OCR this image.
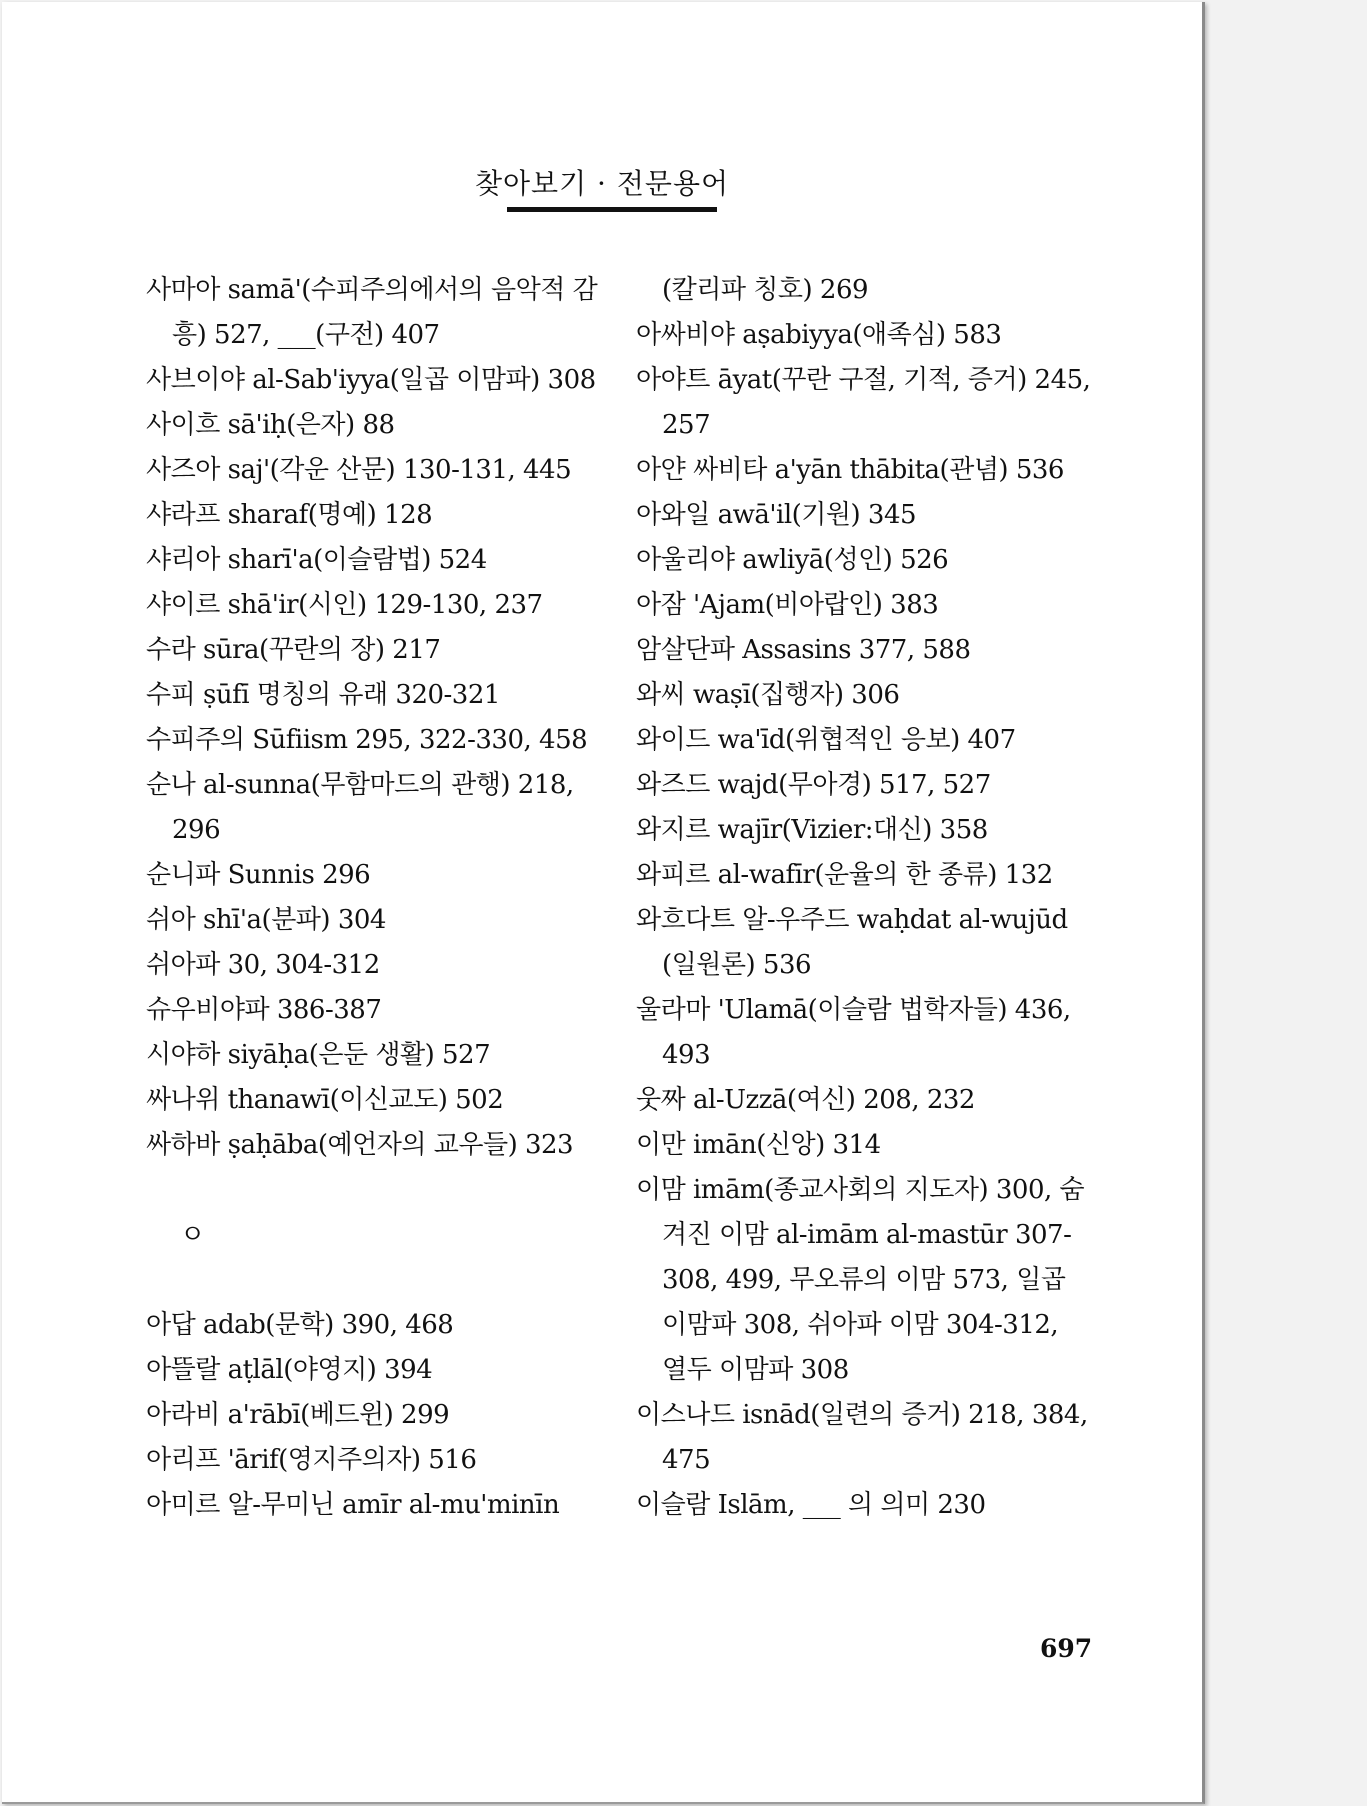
찾아보기 · 전문용어
사마아 samā'(수피주의에서의 음악적 감
흥) 527, ___(구전) 407
사브이야 al-Sab'iyya(일곱 이맘파) 308
사이흐 sā'iḥ(은자) 88
사즈아 saj'(각운 산문) 130-131, 445
샤라프 sharaf(명예) 128
샤리아 sharī'a(이슬람법) 524
샤이르 shā'ir(시인) 129-130, 237
수라 sūra(꾸란의 장) 217
수피 ṣūfī 명칭의 유래 320-321
수피주의 Sūfiism 295, 322-330, 458
순나 al-sunna(무함마드의 관행) 218,
296
순니파 Sunnis 296
쉬아 shī'a(분파) 304
쉬아파 30, 304-312
슈우비야파 386-387
시야하 siyāḥa(은둔 생활) 527
싸나위 thanawī(이신교도) 502
싸하바 ṣaḥāba(예언자의 교우들) 323
ㅇ
아답 adab(문학) 390, 468
아뜰랄 aṭlāl(야영지) 394
아라비 a'rābī(베드윈) 299
아리프 'ārif(영지주의자) 516
아미르 알-무미닌 amīr al-mu'minīn
(칼리파 칭호) 269
아싸비야 aṣabiyya(애족심) 583
아야트 āyat(꾸란 구절, 기적, 증거) 245,
257
아얀 싸비타 a'yān thābita(관념) 536
아와일 awā'il(기원) 345
아울리야 awliyā(성인) 526
아잠 'Ajam(비아랍인) 383
암살단파 Assasins 377, 588
와씨 waṣī(집행자) 306
와이드 wa'īd(위협적인 응보) 407
와즈드 wajd(무아경) 517, 527
와지르 wajīr(Vizier:대신) 358
와피르 al-wafīr(운율의 한 종류) 132
와흐다트 알-우주드 waḥdat al-wujūd
(일원론) 536
울라마 'Ulamā(이슬람 법학자들) 436,
493
웃짜 al-Uzzā(여신) 208, 232
이만 imān(신앙) 314
이맘 imām(종교사회의 지도자) 300, 숨
겨진 이맘 al-imām al-mastūr 307-
308, 499, 무오류의 이맘 573, 일곱
이맘파 308, 쉬아파 이맘 304-312,
열두 이맘파 308
이스나드 isnād(일련의 증거) 218, 384,
475
이슬람 Islām, ___ 의 의미 230
697
